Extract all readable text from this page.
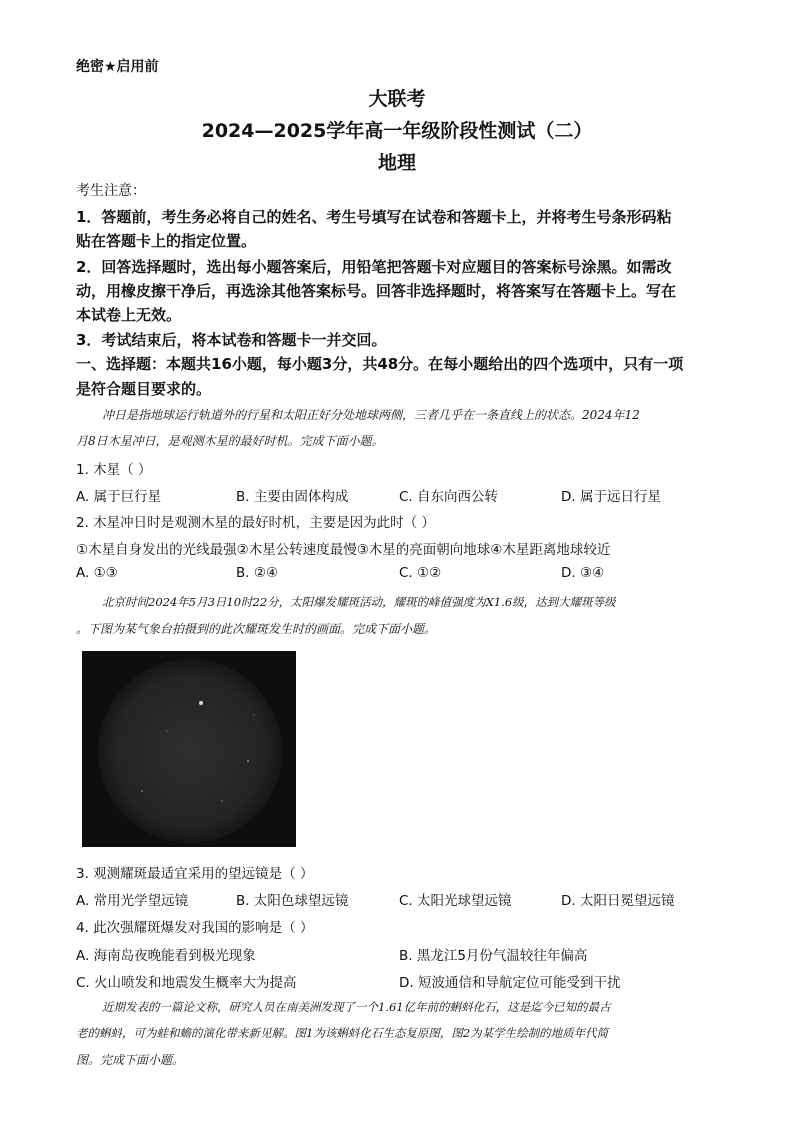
绝密★启用前
大联考
2024—2025学年高一年级阶段性测试（二）
地理
考生注意：
1．答题前，考生务必将自己的姓名、考生号填写在试卷和答题卡上，并将考生号条形码粘
贴在答题卡上的指定位置。
2．回答选择题时，选出每小题答案后，用铅笔把答题卡对应题目的答案标号涂黑。如需改
动，用橡皮擦干净后，再选涂其他答案标号。回答非选择题时，将答案写在答题卡上。写在
本试卷上无效。
3．考试结束后，将本试卷和答题卡一并交回。
一、选择题：本题共16小题，每小题3分，共48分。在每小题给出的四个选项中，只有一项
是符合题目要求的。
冲日是指地球运行轨道外的行星和太阳正好分处地球两侧，三者几乎在一条直线上的状态。2024年12
月8日木星冲日，是观测木星的最好时机。完成下面小题。
1. 木星（ ）
A. 属于巨行星	B. 主要由固体构成	C. 自东向西公转	D. 属于远日行星
2. 木星冲日时是观测木星的最好时机，主要是因为此时（ ）
①木星自身发出的光线最强②木星公转速度最慢③木星的亮面朝向地球④木星距离地球较近
A. ①③	B. ②④	C. ①②	D. ③④
北京时间2024年5月3日10时22分，太阳爆发耀斑活动，耀斑的峰值强度为X1.6级，达到大耀斑等级
。下图为某气象台拍摄到的此次耀斑发生时的画面。完成下面小题。
3. 观测耀斑最适宜采用的望远镜是（ ）
A. 常用光学望远镜	B. 太阳色球望远镜	C. 太阳光球望远镜	D. 太阳日冕望远镜
4. 此次强耀斑爆发对我国的影响是（ ）
A. 海南岛夜晚能看到极光现象	B. 黑龙江5月份气温较往年偏高
C. 火山喷发和地震发生概率大为提高	D. 短波通信和导航定位可能受到干扰
近期发表的一篇论文称，研究人员在南美洲发现了一个1.61亿年前的蝌蚪化石，这是迄今已知的最古
老的蝌蚪，可为蛙和蟾的演化带来新见解。图1为该蝌蚪化石生态复原图，图2为某学生绘制的地质年代简
图。完成下面小题。
